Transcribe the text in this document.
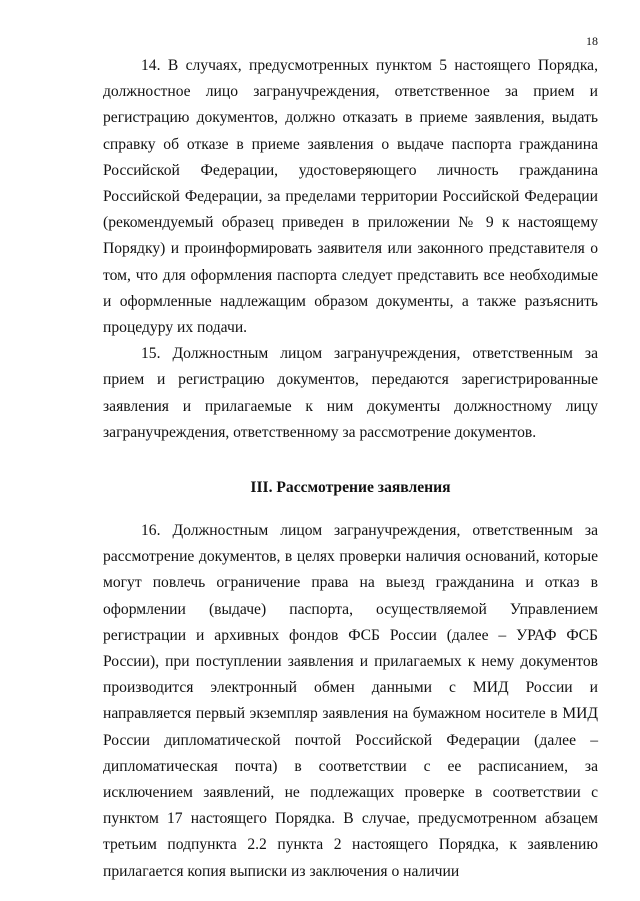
18

14. В случаях, предусмотренных пунктом 5 настоящего Порядка, должностное лицо загранучреждения, ответственное за прием и регистрацию документов, должно отказать в приеме заявления, выдать справку об отказе в приеме заявления о выдаче паспорта гражданина Российской Федерации, удостоверяющего личность гражданина Российской Федерации, за пределами территории Российской Федерации (рекомендуемый образец приведен в приложении № 9 к настоящему Порядку) и проинформировать заявителя или законного представителя о том, что для оформления паспорта следует представить все необходимые и оформленные надлежащим образом документы, а также разъяснить процедуру их подачи.

15. Должностным лицом загранучреждения, ответственным за прием и регистрацию документов, передаются зарегистрированные заявления и прилагаемые к ним документы должностному лицу загранучреждения, ответственному за рассмотрение документов.

III. Рассмотрение заявления

16. Должностным лицом загранучреждения, ответственным за рассмотрение документов, в целях проверки наличия оснований, которые могут повлечь ограничение права на выезд гражданина и отказ в оформлении (выдаче) паспорта, осуществляемой Управлением регистрации и архивных фондов ФСБ России (далее – УРАФ ФСБ России), при поступлении заявления и прилагаемых к нему документов производится электронный обмен данными с МИД России и направляется первый экземпляр заявления на бумажном носителе в МИД России дипломатической почтой Российской Федерации (далее – дипломатическая почта) в соответствии с ее расписанием, за исключением заявлений, не подлежащих проверке в соответствии с пунктом 17 настоящего Порядка. В случае, предусмотренном абзацем третьим подпункта 2.2 пункта 2 настоящего Порядка, к заявлению прилагается копия выписки из заключения о наличии
